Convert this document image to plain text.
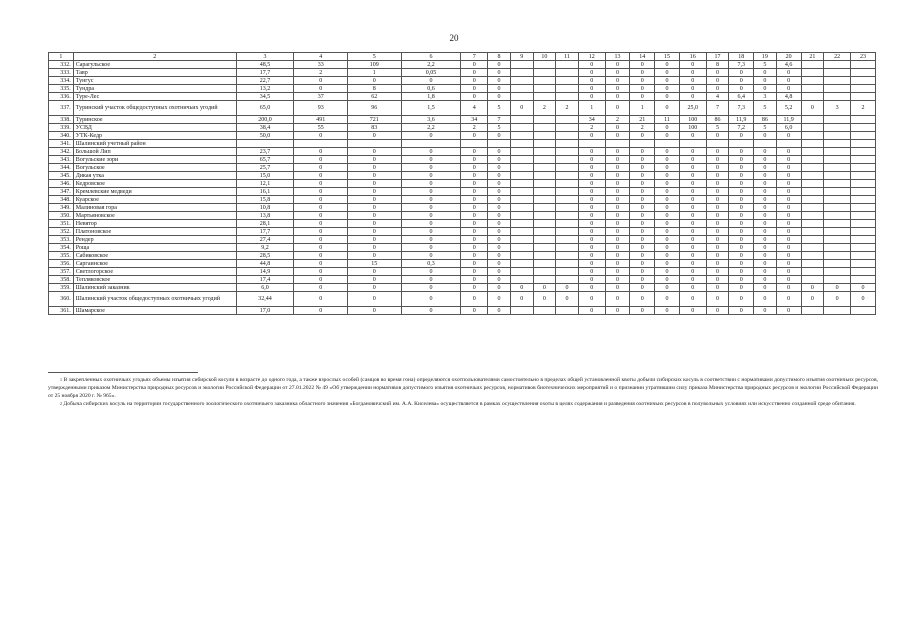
20
1	2	3	4	5	6	7	8	9	10	11	12	13	14	15	16	17	18	19	20	21	22	23
332.	Сарагульское	48,5	33	109	2,2	0	0				0	0	0	0	0	8	7,3	5	4,6			
333.	Тавр	17,7	2	1	0,05	0	0				0	0	0	0	0	0	0	0	0			
334.	Тунгус	22,7	0	0	0	0	0				0	0	0	0	0	0	0	0	0			
335.	Тундра	13,2	0	8	0,6	0	0				0	0	0	0	0	0	0	0	0			
336.	Туре-Лес	34,5	37	62	1,8	0	0				0	0	0	0	0	4	6,4	3	4,8			
337.	Туринский участок общедоступных охотничьих угодий	65,0	93	96	1,5	4	5	0	2	2	1	0	1	0	25,0	7	7,3	5	5,2	0	3	2
338.	Туринское	200,0	491	721	3,6	34	7				34	2	21	11	100	86	11,9	86	11,9			
339.	УСВД	38,4	55	83	2,2	2	5				2	0	2	0	100	5	7,2	5	6,0			
340.	УТК-Кедр	50,0	0	0	0	0	0				0	0	0	0	0	0	0	0	0			
341.	Шалинский учетный район																					
342.	Большой Лип	23,7	0	0	0	0	0				0	0	0	0	0	0	0	0	0			
343.	Вогульские зори	65,7	0	0	0	0	0				0	0	0	0	0	0	0	0	0			
344.	Вогульское	25,7	0	0	0	0	0				0	0	0	0	0	0	0	0	0			
345.	Дикая утка	15,0	0	0	0	0	0				0	0	0	0	0	0	0	0	0			
346.	Кедровское	12,1	0	0	0	0	0				0	0	0	0	0	0	0	0	0			
347.	Кремлевские медведи	16,1	0	0	0	0	0				0	0	0	0	0	0	0	0	0			
348.	Куарское	15,8	0	0	0	0	0				0	0	0	0	0	0	0	0	0			
349.	Малиновая гора	10,8	0	0	0	0	0				0	0	0	0	0	0	0	0	0			
350.	Мартьяновское	13,8	0	0	0	0	0				0	0	0	0	0	0	0	0	0			
351.	Невятор	28,1	0	0	0	0	0				0	0	0	0	0	0	0	0	0			
352.	Платоновское	17,7	0	0	0	0	0				0	0	0	0	0	0	0	0	0			
353.	Рендер	27,4	0	0	0	0	0				0	0	0	0	0	0	0	0	0			
354.	Роща	9,2	0	0	0	0	0				0	0	0	0	0	0	0	0	0			
355.	Сабиковское	28,5	0	0	0	0	0				0	0	0	0	0	0	0	0	0			
356.	Саргаинское	44,8	0	15	0,3	0	0				0	0	0	0	0	0	0	0	0			
357.	Светлогорское	14,9	0	0	0	0	0				0	0	0	0	0	0	0	0	0			
358.	Тепляковское	17,4	0	0	0	0	0				0	0	0	0	0	0	0	0	0			
359.	Шалинский заказник	6,0	0	0	0	0	0	0	0	0	0	0	0	0	0	0	0	0	0	0	0	0
360.	Шалинский участок общедоступных охотничьих угодий	32,44	0	0	0	0	0	0	0	0	0	0	0	0	0	0	0	0	0	0	0	0
361.	Шамарское	17,0	0	0	0	0	0				0	0	0	0	0	0	0	0	0			

$^1$ В закрепленных охотничьих угодьях объемы изъятия сибирской косули в возрасте до одного года, а также взрослых особей (самцов во время гона) определяются охотпользователями самостоятельно в пределах общей установленной квоты добычи сибирских косуль в соответствии с нормативами допустимого изъятия охотничьих ресурсов, утвержденными приказом Министерства природных ресурсов и экологии Российской Федерации от 27.01.2022 № 49 «Об утверждении нормативов допустимого изъятия охотничьих ресурсов, нормативов биотехнических мероприятий и о признании утратившим силу приказа Министерства природных ресурсов и экологии Российской Федерации от 25 ноября 2020 г. № 965».

$^2$ Добыча сибирских косуль на территории государственного зоологического охотничьего заказника областного значения «Богдановичский им. А.А. Киселева» осуществляется в рамках осуществления охоты в целях содержания и разведения охотничьих ресурсов в полувольных условиях или искусственно созданной среде обитания.
